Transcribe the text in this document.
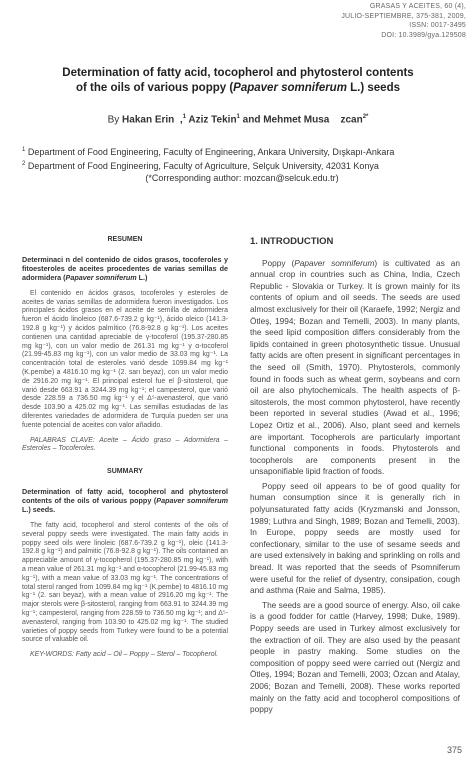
GRASAS Y ACEITES, 60 (4),
JULIO-SEPTIEMBRE, 375-381, 2009,
ISSN: 0017-3495
DOI: 10.3989/gya.129508
Determination of fatty acid, tocopherol and phytosterol contents
of the oils of various poppy (Papaver somniferum L.) seeds
By Hakan Erin  ,$^1$ Aziz Tekin$^1$ and Mehmet Musa zcan$^{2*}$
$^1$ Department of Food Engineering, Faculty of Engineering, Ankara University, Dışkapı-Ankara
$^2$ Department of Food Engineering, Faculty of Agriculture, Selçuk University, 42031 Konya
(*Corresponding author: mozcan@selcuk.edu.tr)
RESUMEN
Determinaci n del contenido de cidos grasos, tocoferoles y fitoesteroles de aceites procedentes de varias semillas de adormidera (Papaver somniferum L.)
El contenido en ácidos grasos, tocoferoles y esteroles de aceites de varias semillas de adormidera fueron investigados. Los principales ácidos grasos en el aceite de semilla de adormidera fueron el ácido linoleico (687.6-739.2 g kg⁻¹), ácido oleico (141.3-192.8 g kg⁻¹) y ácidos palmítico (76.8-92.8 g kg⁻¹). Los aceites contienen una cantidad apreciable de γ-tocoferol (195.37-280.85 mg kg⁻¹), con un valor medio de 261.31 mg kg⁻¹ y α-tocoferol (21.99-45.83 mg kg⁻¹), con un valor medio de 33.03 mg kg⁻¹. La concentración total de esteroles varió desde 1099.84 mg kg⁻¹ (K.pembe) a 4816.10 mg kg⁻¹ (2. sarı beyaz), con un valor medio de 2916.20 mg kg⁻¹. El principal esterol fue el β-sitosterol, que varió desde 663.91 a 3244.39 mg kg⁻¹; el campesterol, que varió desde 228.59 a 736.50 mg kg⁻¹ y el Δ⁵-avenasterol, que varió desde 103.90 a 425.02 mg kg⁻¹. Las semillas estudiadas de las diferentes variedades de adormidera de Turquía pueden ser una fuente potencial de aceites con valor añadido.
PALABRAS CLAVE: Aceite – Ácido graso – Adormidera – Esteroles – Tocoferoles.
SUMMARY
Determination of fatty acid, tocopherol and phytosterol contents of the oils of various poppy (Papaver somniferum L.) seeds.
The fatty acid, tocopherol and sterol contents of the oils of several poppy seeds were investigated. The main fatty acids in poppy seed oils were linoleic (687.6-739.2 g kg⁻¹), oleic (141.3-192.8 g kg⁻¹) and palmitic (76.8-92.8 g kg⁻¹). The oils contained an appreciable amount of γ-tocopherol (195.37-280.85 mg kg⁻¹), with a mean value of 261.31 mg kg⁻¹ and α-tocopherol (21.99-45.83 mg kg⁻¹), with a mean value of 33.03 mg kg⁻¹. The concentrations of total sterol ranged from 1099.84 mg kg⁻¹ (K.pembe) to 4816.10 mg kg⁻¹ (2. sarı beyaz), with a mean value of 2916.20 mg kg⁻¹. The major sterols were β-sitosterol, ranging from 663.91 to 3244.39 mg kg⁻¹; campesterol, ranging from 228.59 to 736.50 mg kg⁻¹; and Δ⁵-avenasterol, ranging from 103.90 to 425.02 mg kg⁻¹. The studied varieties of poppy seeds from Turkey were found to be a potential source of valuable oil.
KEY-WORDS: Fatty acid – Oil – Poppy – Sterol – Tocopherol.
1. INTRODUCTION
Poppy (Papaver somniferum) is cultivated as an annual crop in countries such as China, India, Czech Republic - Slovakia or Turkey. It is grown mainly for its contents of opium and oil seeds. The seeds are used almost exclusively for their oil (Karaefe, 1992; Nergiz and Ötleş, 1994; Bozan and Temelli, 2003). In many plants, the seed lipid composition differs considerably from the lipids contained in green photosynthetic tissue. Unusual fatty acids are often present in significant percentages in the seed oil (Smith, 1970). Phytosterols, commonly found in foods such as wheat germ, soybeans and corn oil are also phytochemicals. The health aspects of β-sitosterols, the most common phytosterol, have recently been reported in several studies (Awad et al., 1996; Lopez Ortiz et al., 2006). Also, plant seed and kernels are important. Tocopherols are particularly important functional components in foods. Phytosterols and tocopherols are components present in the unsaponifiable lipid fraction of foods.
Poppy seed oil appears to be of good quality for human consumption since it is generally rich in polyunsaturated fatty acids (Kryzmanski and Jonsson, 1989; Luthra and Singh, 1989; Bozan and Temelli, 2003). In Europe, poppy seeds are mostly used for confectionary, similar to the use of sesame seeds and are used extensively in baking and sprinkling on rolls and bread. It was reported that the seeds of Psomniferum were useful for the relief of dysentry, consipation, cough and asthma (Raie and Salma, 1985).
The seeds are a good source of energy. Also, oil cake is a good fodder for cattle (Harvey, 1998; Duke, 1989). Poppy seeds are used in Turkey almost exclusively for the extraction of oil. They are also used by the peasant people in pastry making. Some studies on the composition of poppy seed were carried out (Nergiz and Ötleş, 1994; Bozan and Temelli, 2003; Özcan and Atalay, 2006; Bozan and Temelli, 2008). These works reported mainly on the fatty acid and tocopherol compositions of poppy
375
